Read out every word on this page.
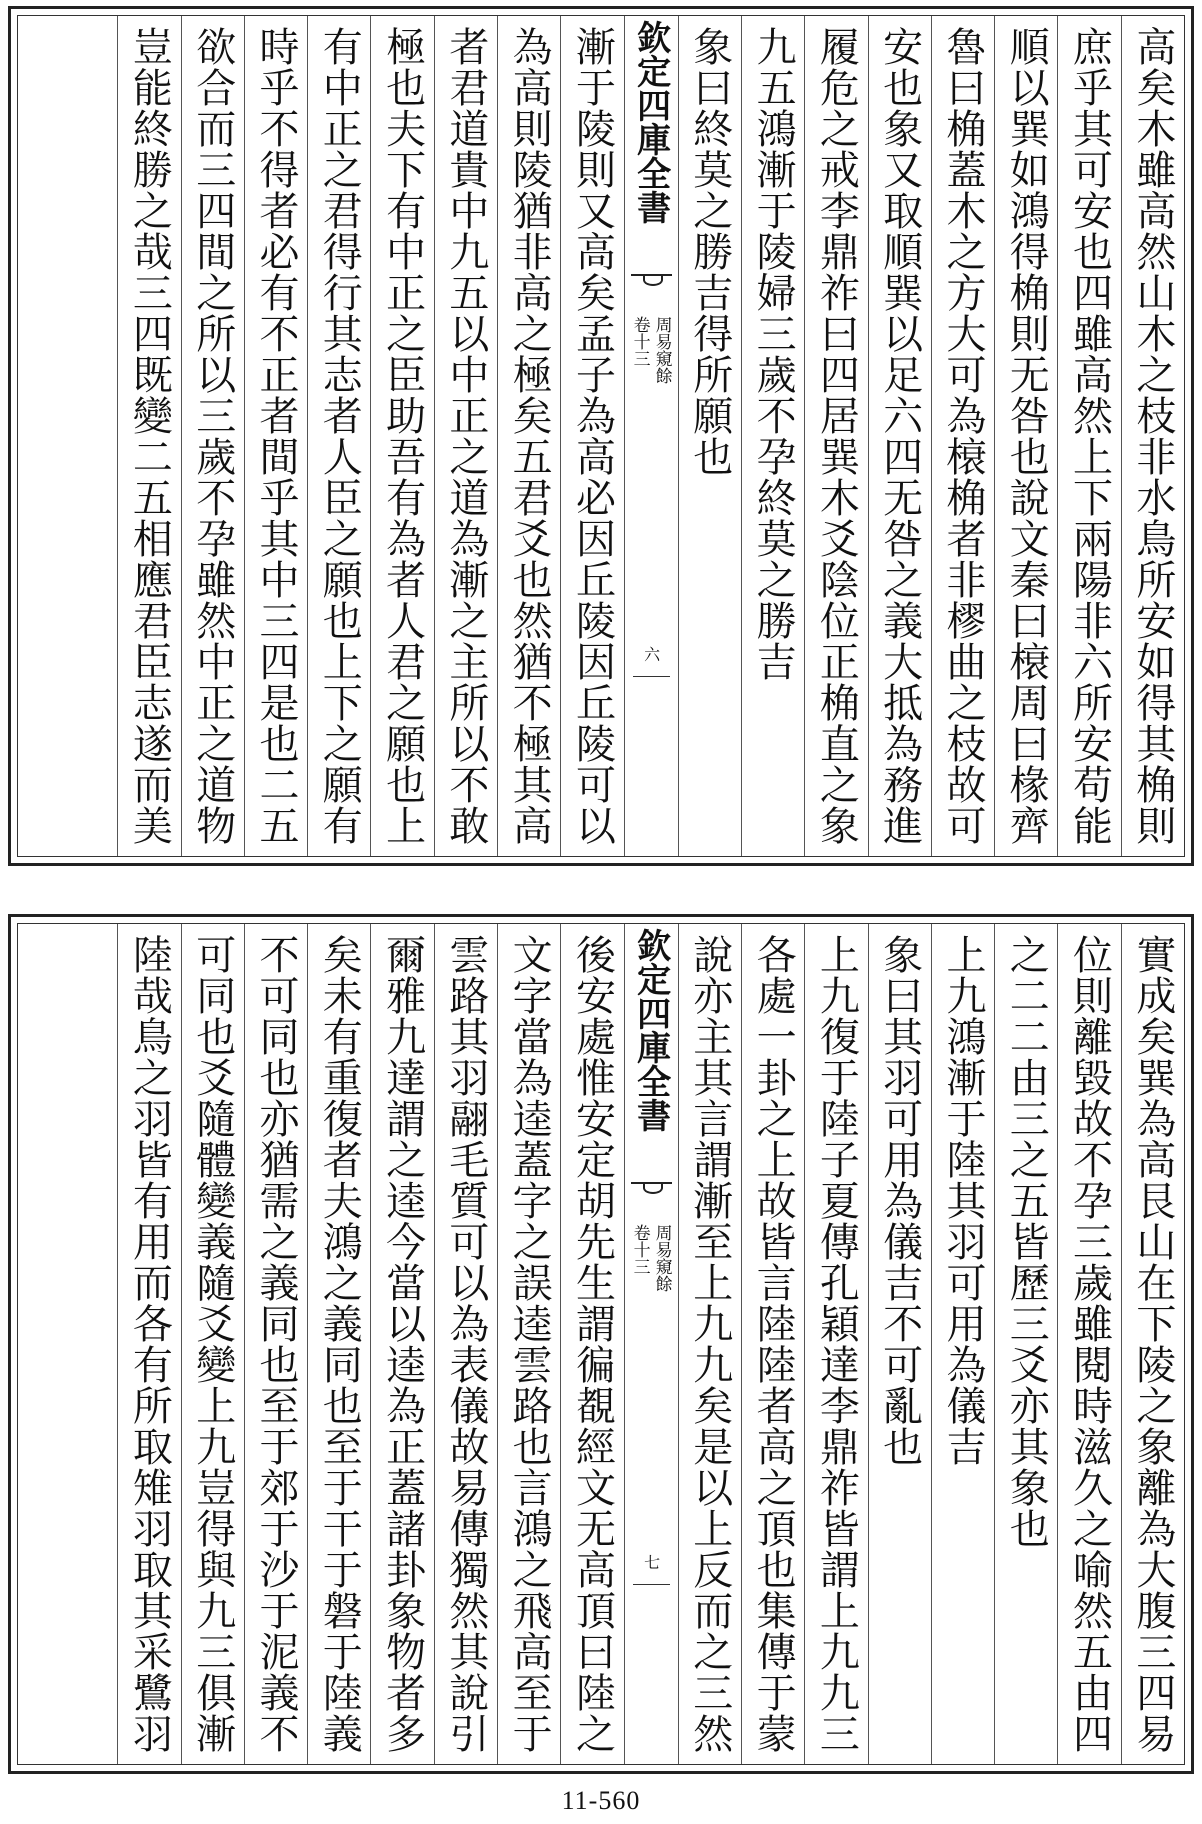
高矣木雖高然山木之枝非水鳥所安如得其桷則
庶乎其可安也四雖高然上下兩陽非六所安苟能
順以巽如鴻得桷則无咎也說文秦曰榱周曰椽齊
魯曰桷蓋木之方大可為榱桷者非樛曲之枝故可
安也象又取順巽以足六四无咎之義大抵為務進
履危之戒李鼎祚曰四居巽木爻陰位正桷直之象
九五鴻漸于陵婦三歲不孕終莫之勝吉
象曰終莫之勝吉得所願也
欽定四庫全書
周易窺餘
卷十三
六
漸于陵則又高矣孟子為高必因丘陵因丘陵可以
為高則陵猶非高之極矣五君爻也然猶不極其高
者君道貴中九五以中正之道為漸之主所以不敢
極也夫下有中正之臣助吾有為者人君之願也上
有中正之君得行其志者人臣之願也上下之願有
時乎不得者必有不正者間乎其中三四是也二五
欲合而三四間之所以三歲不孕雖然中正之道物
豈能終勝之哉三四既變二五相應君臣志遂而美
實成矣巽為高艮山在下陵之象離為大腹三四易
位則離毀故不孕三歲雖閱時滋久之喻然五由四
之二二由三之五皆歷三爻亦其象也
上九鴻漸于陸其羽可用為儀吉
象曰其羽可用為儀吉不可亂也
上九復于陸子夏傳孔穎達李鼎祚皆謂上九九三
各處一卦之上故皆言陸陸者高之頂也集傳于蒙
說亦主其言謂漸至上九九矣是以上反而之三然
欽定四庫全書
周易窺餘
卷十三
七
後安處惟安定胡先生謂徧覩經文无高頂曰陸之
文字當為逵蓋字之誤逵雲路也言鴻之飛高至于
雲路其羽翮毛質可以為表儀故易傳獨然其說引
爾雅九達謂之逵今當以逵為正蓋諸卦象物者多
矣未有重復者夫鴻之義同也至于干于磐于陸義
不可同也亦猶需之義同也至于郊于沙于泥義不
可同也爻隨體變義隨爻變上九豈得與九三俱漸
陸哉鳥之羽皆有用而各有所取雉羽取其采鷺羽
11-560
